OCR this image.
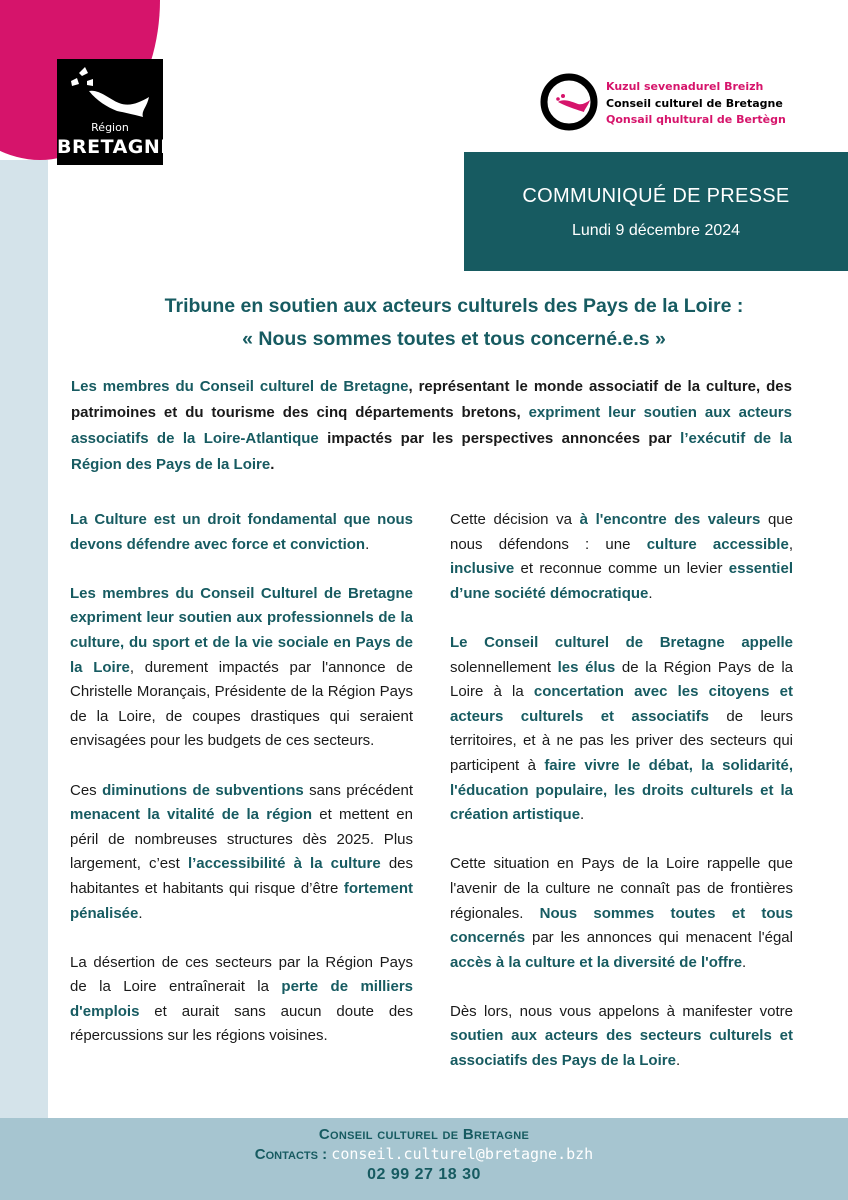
Région
BRETAGNE
Kuzul sevenadurel Breizh
Conseil culturel de Bretagne
Qonsail qhultural de Bertègn
COMMUNIQUÉ DE PRESSE
Lundi 9 décembre 2024
Tribune en soutien aux acteurs culturels des Pays de la Loire :
« Nous sommes toutes et tous concerné.e.s »
Les membres du Conseil culturel de Bretagne, représentant le monde associatif de la culture, des patrimoines et du tourisme des cinq départements bretons, expriment leur soutien aux acteurs associatifs de la Loire-Atlantique impactés par les perspectives annoncées par l’exécutif de la Région des Pays de la Loire.

La Culture est un droit fondamental que nous devons défendre avec force et conviction.

Les membres du Conseil Culturel de Bretagne expriment leur soutien aux professionnels de la culture, du sport et de la vie sociale en Pays de la Loire, durement impactés par l'annonce de Christelle Morançais, Présidente de la Région Pays de la Loire, de coupes drastiques qui seraient envisagées pour les budgets de ces secteurs.

Ces diminutions de subventions sans précédent menacent la vitalité de la région et mettent en péril de nombreuses structures dès 2025. Plus largement, c’est l’accessibilité à la culture des habitantes et habitants qui risque d’être fortement pénalisée.

La désertion de ces secteurs par la Région Pays de la Loire entraînerait la perte de milliers d'emplois et aurait sans aucun doute des répercussions sur les régions voisines.

Cette décision va à l'encontre des valeurs que nous défendons : une culture accessible, inclusive et reconnue comme un levier essentiel d’une société démocratique.

Le Conseil culturel de Bretagne appelle solennellement les élus de la Région Pays de la Loire à la concertation avec les citoyens et acteurs culturels et associatifs de leurs territoires, et à ne pas les priver des secteurs qui participent à faire vivre le débat, la solidarité, l'éducation populaire, les droits culturels et la création artistique.

Cette situation en Pays de la Loire rappelle que l'avenir de la culture ne connaît pas de frontières régionales. Nous sommes toutes et tous concernés par les annonces qui menacent l'égal accès à la culture et la diversité de l'offre.

Dès lors, nous vous appelons à manifester votre soutien aux acteurs des secteurs culturels et associatifs des Pays de la Loire.

Conseil culturel de Bretagne
Contacts : conseil.culturel@bretagne.bzh
02 99 27 18 30
